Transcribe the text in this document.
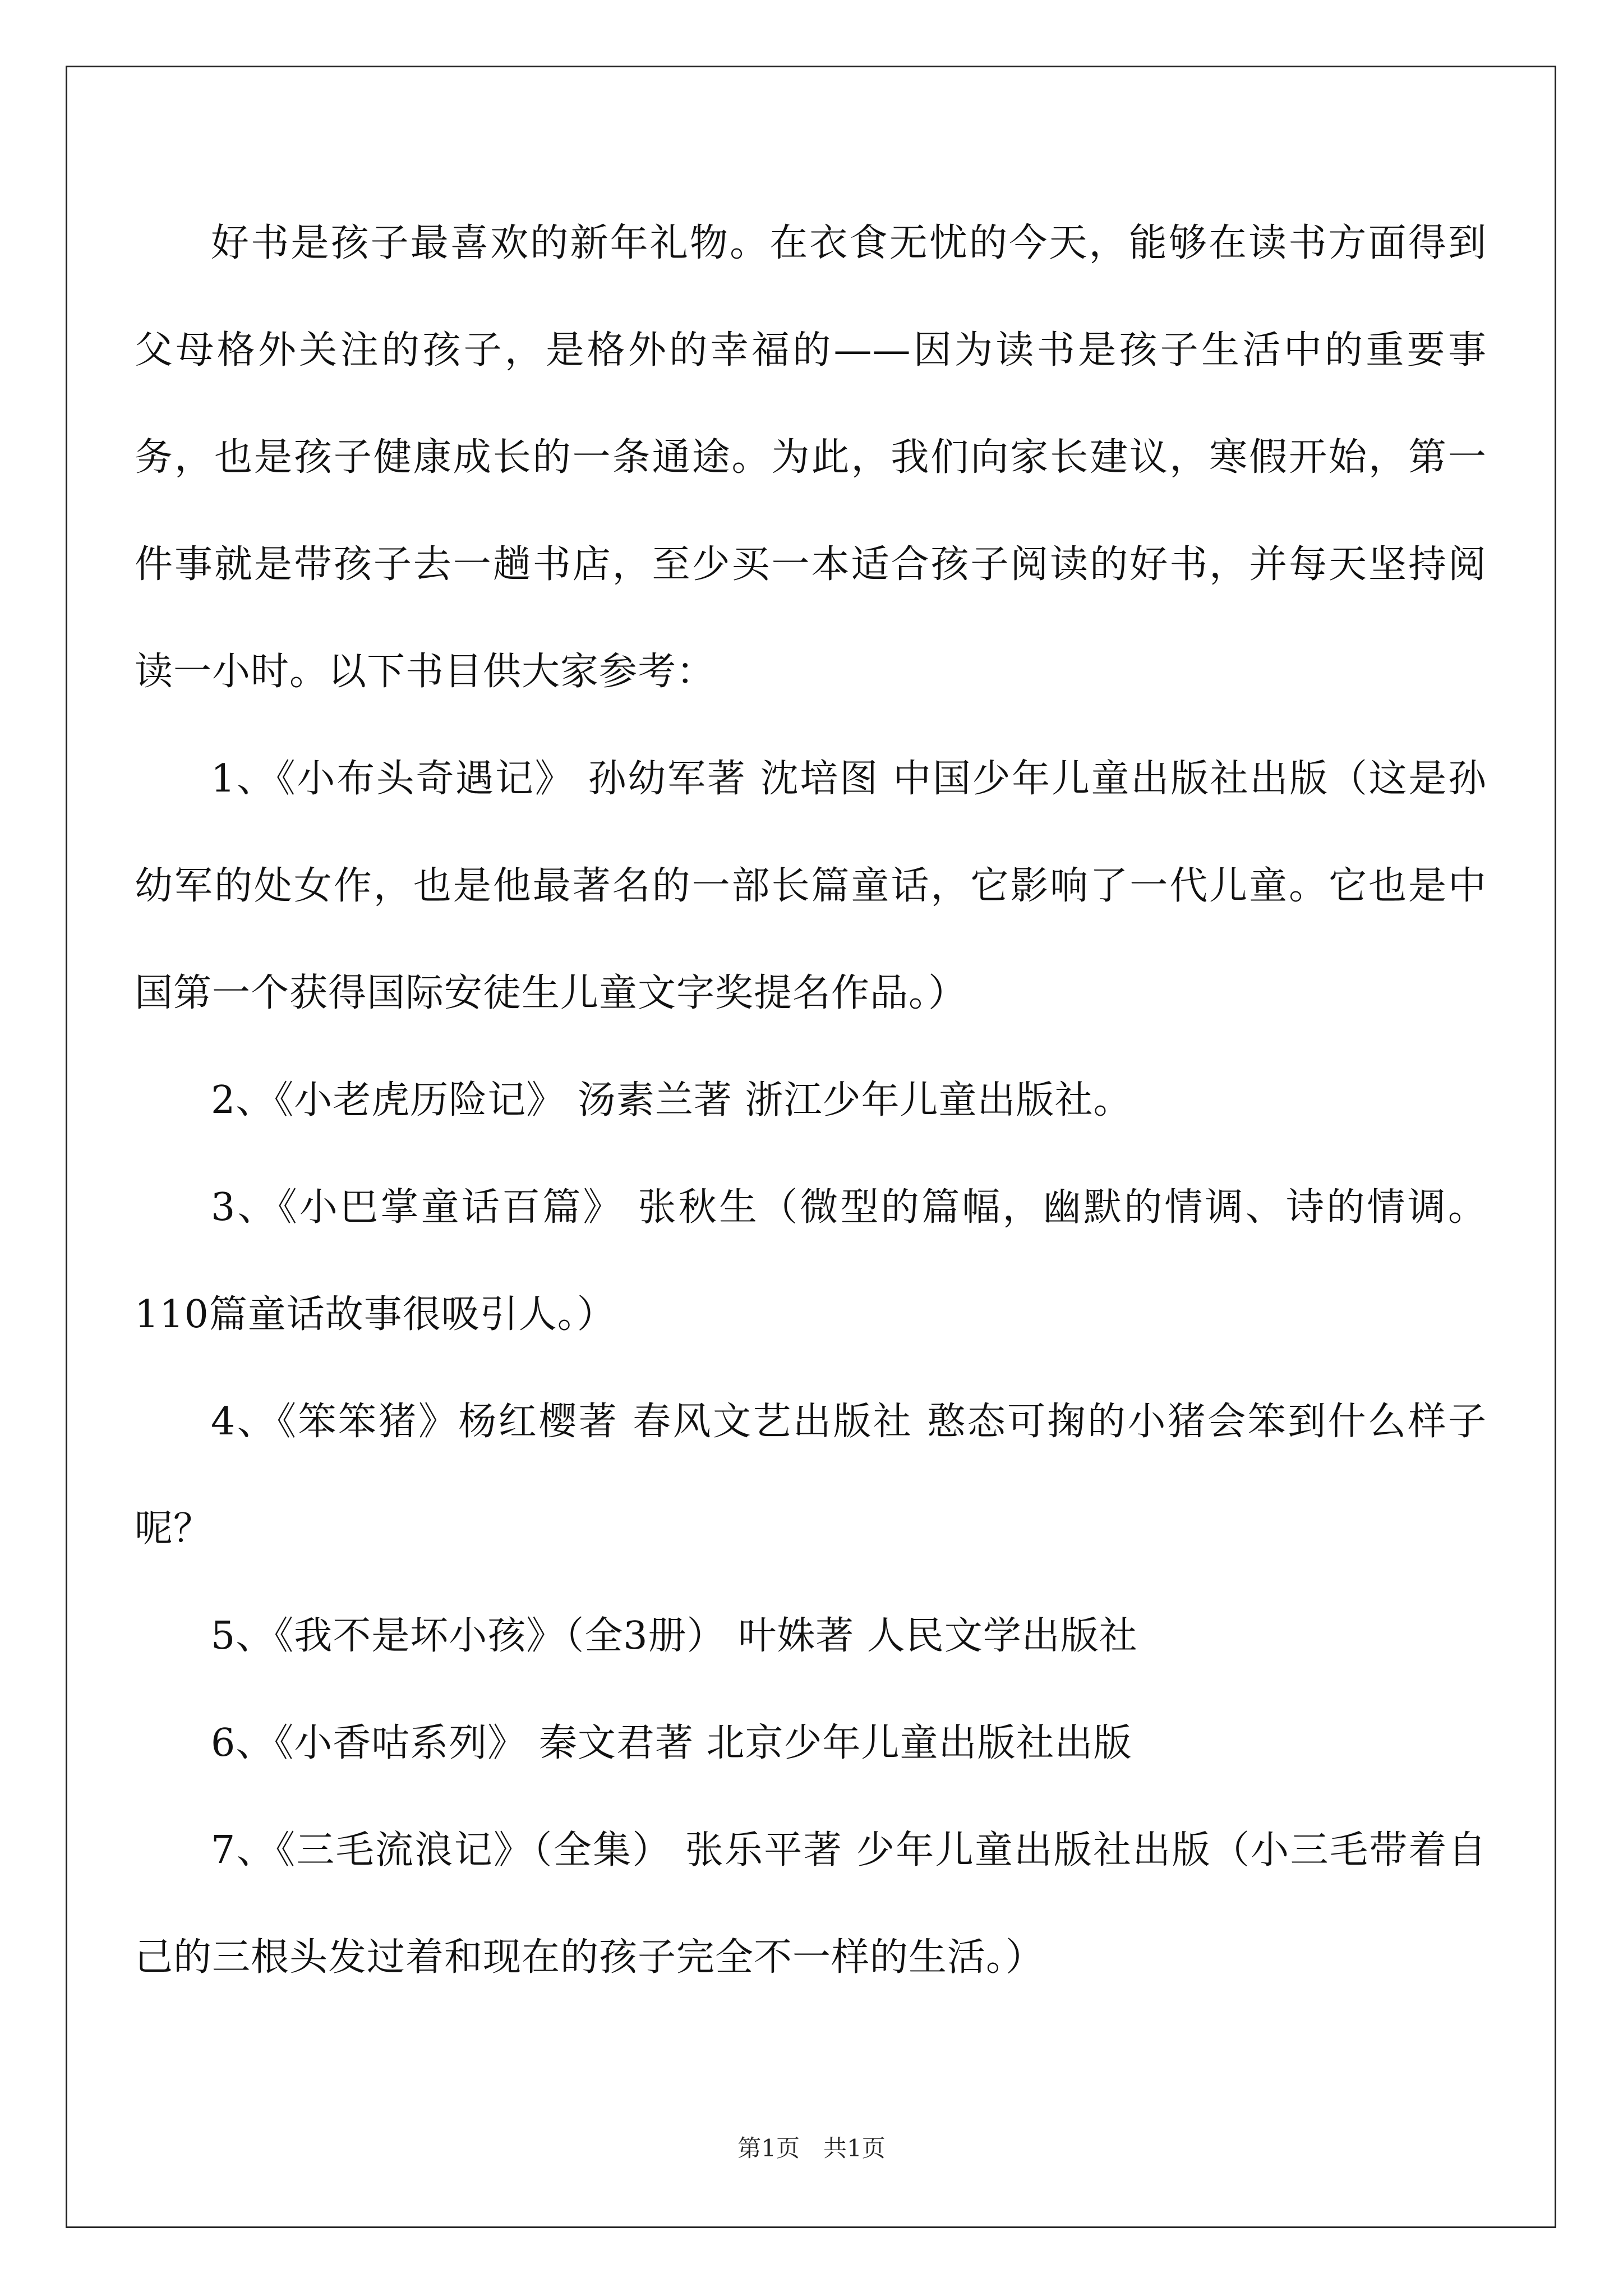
好书是孩子最喜欢的新年礼物。在衣食无忧的今天，能够在读书方面得到父母格外关注的孩子，是格外的幸福的——因为读书是孩子生活中的重要事务，也是孩子健康成长的一条通途。为此，我们向家长建议，寒假开始，第一件事就是带孩子去一趟书店，至少买一本适合孩子阅读的好书，并每天坚持阅读一小时。以下书目供大家参考：

1、《小布头奇遇记》 孙幼军著 沈培图 中国少年儿童出版社出版（这是孙幼军的处女作，也是他最著名的一部长篇童话，它影响了一代儿童。它也是中国第一个获得国际安徒生儿童文字奖提名作品。）

2、《小老虎历险记》 汤素兰著 浙江少年儿童出版社。

3、《小巴掌童话百篇》 张秋生（微型的篇幅，幽默的情调、诗的情调。110篇童话故事很吸引人。）

4、《笨笨猪》杨红樱著 春风文艺出版社 憨态可掬的小猪会笨到什么样子呢？

5、《我不是坏小孩》（全3册） 叶姝著 人民文学出版社

6、《小香咕系列》 秦文君著 北京少年儿童出版社出版

7、《三毛流浪记》（全集） 张乐平著 少年儿童出版社出版（小三毛带着自己的三根头发过着和现在的孩子完全不一样的生活。）

第1页 共1页
